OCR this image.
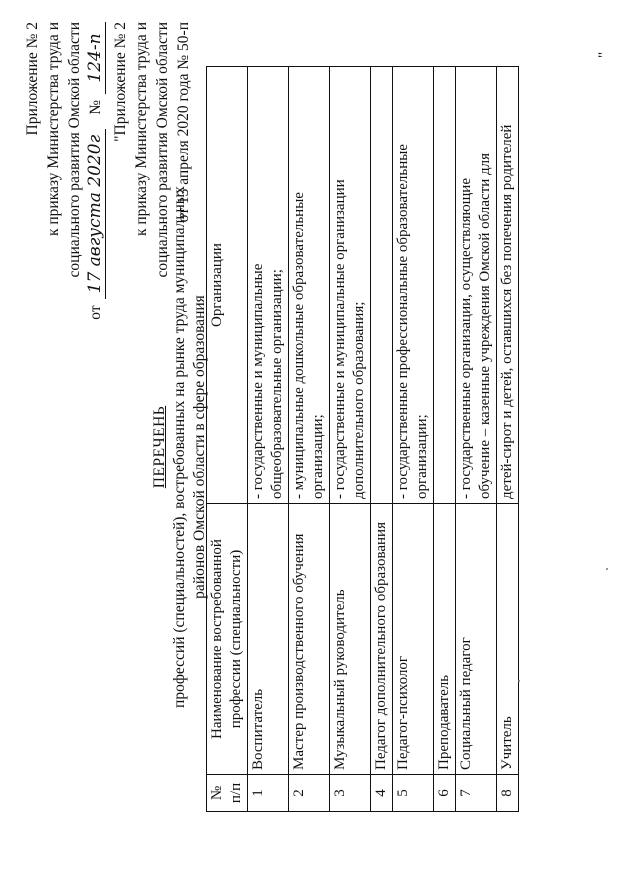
Приложение № 2 к приказу Министерства труда и социального развития Омской области
от
17 августа 2020г
№
124-п "Приложение № 2 к приказу Министерства труда и социального развития Омской области от 13 апреля 2020 года № 50-п
ПЕРЕЧЕНЬ профессий (специальностей), востребованных на рынке труда муниципальных районов Омской области в сфере образования
№ п/п	Наименование востребованной профессии (специальности)	Организации
1	Воспитатель	- государственные и муниципальные общеобразовательные организации;

2	Мастер производственного обучения	- муниципальные дошкольные образовательные организации;

3	Музыкальный руководитель	- государственные и муниципальные организации дополнительного образования;

4	Педагог дополнительного образования	
5	Педагог-психолог	- государственные профессиональные образовательные организации;

6	Преподаватель	
7	Социальный педагог	- государственные организации, осуществляющие обучение – казенные учреждения Омской области для

8	Учитель	детей-сирот и детей, оставшихся без попечения родителей
"
